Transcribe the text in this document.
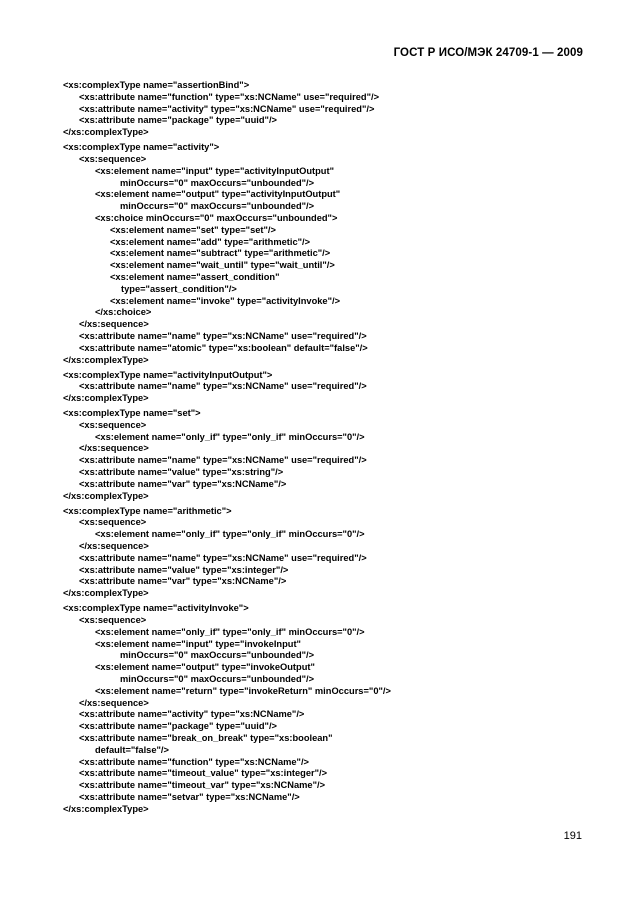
ГОСТ Р ИСО/МЭК 24709-1 — 2009
<xs:complexType name="assertionBind">
<xs:attribute name="function" type="xs:NCName" use="required"/>
<xs:attribute name="activity" type="xs:NCName" use="required"/>
<xs:attribute name="package" type="uuid"/>
</xs:complexType>
<xs:complexType name="activity">
<xs:sequence>
<xs:element name="input" type="activityInputOutput"
minOccurs="0" maxOccurs="unbounded"/>
<xs:element name="output" type="activityInputOutput"
minOccurs="0" maxOccurs="unbounded"/>
<xs:choice minOccurs="0" maxOccurs="unbounded">
<xs:element name="set" type="set"/>
<xs:element name="add" type="arithmetic"/>
<xs:element name="subtract" type="arithmetic"/>
<xs:element name="wait_until" type="wait_until"/>
<xs:element name="assert_condition"
type="assert_condition"/>
<xs:element name="invoke" type="activityInvoke"/>
</xs:choice>
</xs:sequence>
<xs:attribute name="name" type="xs:NCName" use="required"/>
<xs:attribute name="atomic" type="xs:boolean" default="false"/>
</xs:complexType>
<xs:complexType name="activityInputOutput">
<xs:attribute name="name" type="xs:NCName" use="required"/>
</xs:complexType>
<xs:complexType name="set">
<xs:sequence>
<xs:element name="only_if" type="only_if" minOccurs="0"/>
</xs:sequence>
<xs:attribute name="name" type="xs:NCName" use="required"/>
<xs:attribute name="value" type="xs:string"/>
<xs:attribute name="var" type="xs:NCName"/>
</xs:complexType>
<xs:complexType name="arithmetic">
<xs:sequence>
<xs:element name="only_if" type="only_if" minOccurs="0"/>
</xs:sequence>
<xs:attribute name="name" type="xs:NCName" use="required"/>
<xs:attribute name="value" type="xs:integer"/>
<xs:attribute name="var" type="xs:NCName"/>
</xs:complexType>
<xs:complexType name="activityInvoke">
<xs:sequence>
<xs:element name="only_if" type="only_if" minOccurs="0"/>
<xs:element name="input" type="invokeInput"
minOccurs="0" maxOccurs="unbounded"/>
<xs:element name="output" type="invokeOutput"
minOccurs="0" maxOccurs="unbounded"/>
<xs:element name="return" type="invokeReturn" minOccurs="0"/>
</xs:sequence>
<xs:attribute name="activity" type="xs:NCName"/>
<xs:attribute name="package" type="uuid"/>
<xs:attribute name="break_on_break" type="xs:boolean"
default="false"/>
<xs:attribute name="function" type="xs:NCName"/>
<xs:attribute name="timeout_value" type="xs:integer"/>
<xs:attribute name="timeout_var" type="xs:NCName"/>
<xs:attribute name="setvar" type="xs:NCName"/>
</xs:complexType>
191
